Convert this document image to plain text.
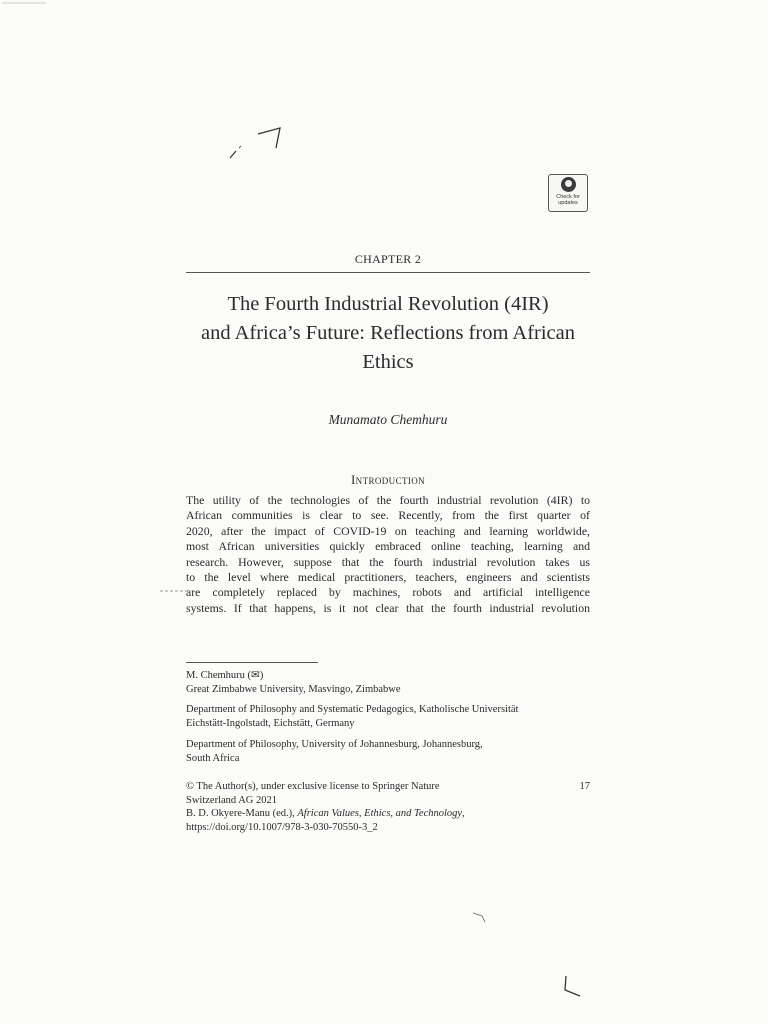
Check for
updates
CHAPTER 2
The Fourth Industrial Revolution (4IR)
and Africa’s Future: Reflections from African
Ethics
Munamato Chemhuru
Introduction
The utility of the technologies of the fourth industrial revolution (4IR) to
African communities is clear to see. Recently, from the first quarter of
2020, after the impact of COVID-19 on teaching and learning worldwide,
most African universities quickly embraced online teaching, learning and
research. However, suppose that the fourth industrial revolution takes us
to the level where medical practitioners, teachers, engineers and scientists
are completely replaced by machines, robots and artificial intelligence
systems. If that happens, is it not clear that the fourth industrial revolution
M. Chemhuru (✉)
Great Zimbabwe University, Masvingo, Zimbabwe
Department of Philosophy and Systematic Pedagogics, Katholische Universität
Eichstätt-Ingolstadt, Eichstätt, Germany
Department of Philosophy, University of Johannesburg, Johannesburg,
South Africa
© The Author(s), under exclusive license to Springer Nature	17
Switzerland AG 2021
B. D. Okyere-Manu (ed.), African Values, Ethics, and Technology,
https://doi.org/10.1007/978-3-030-70550-3_2
